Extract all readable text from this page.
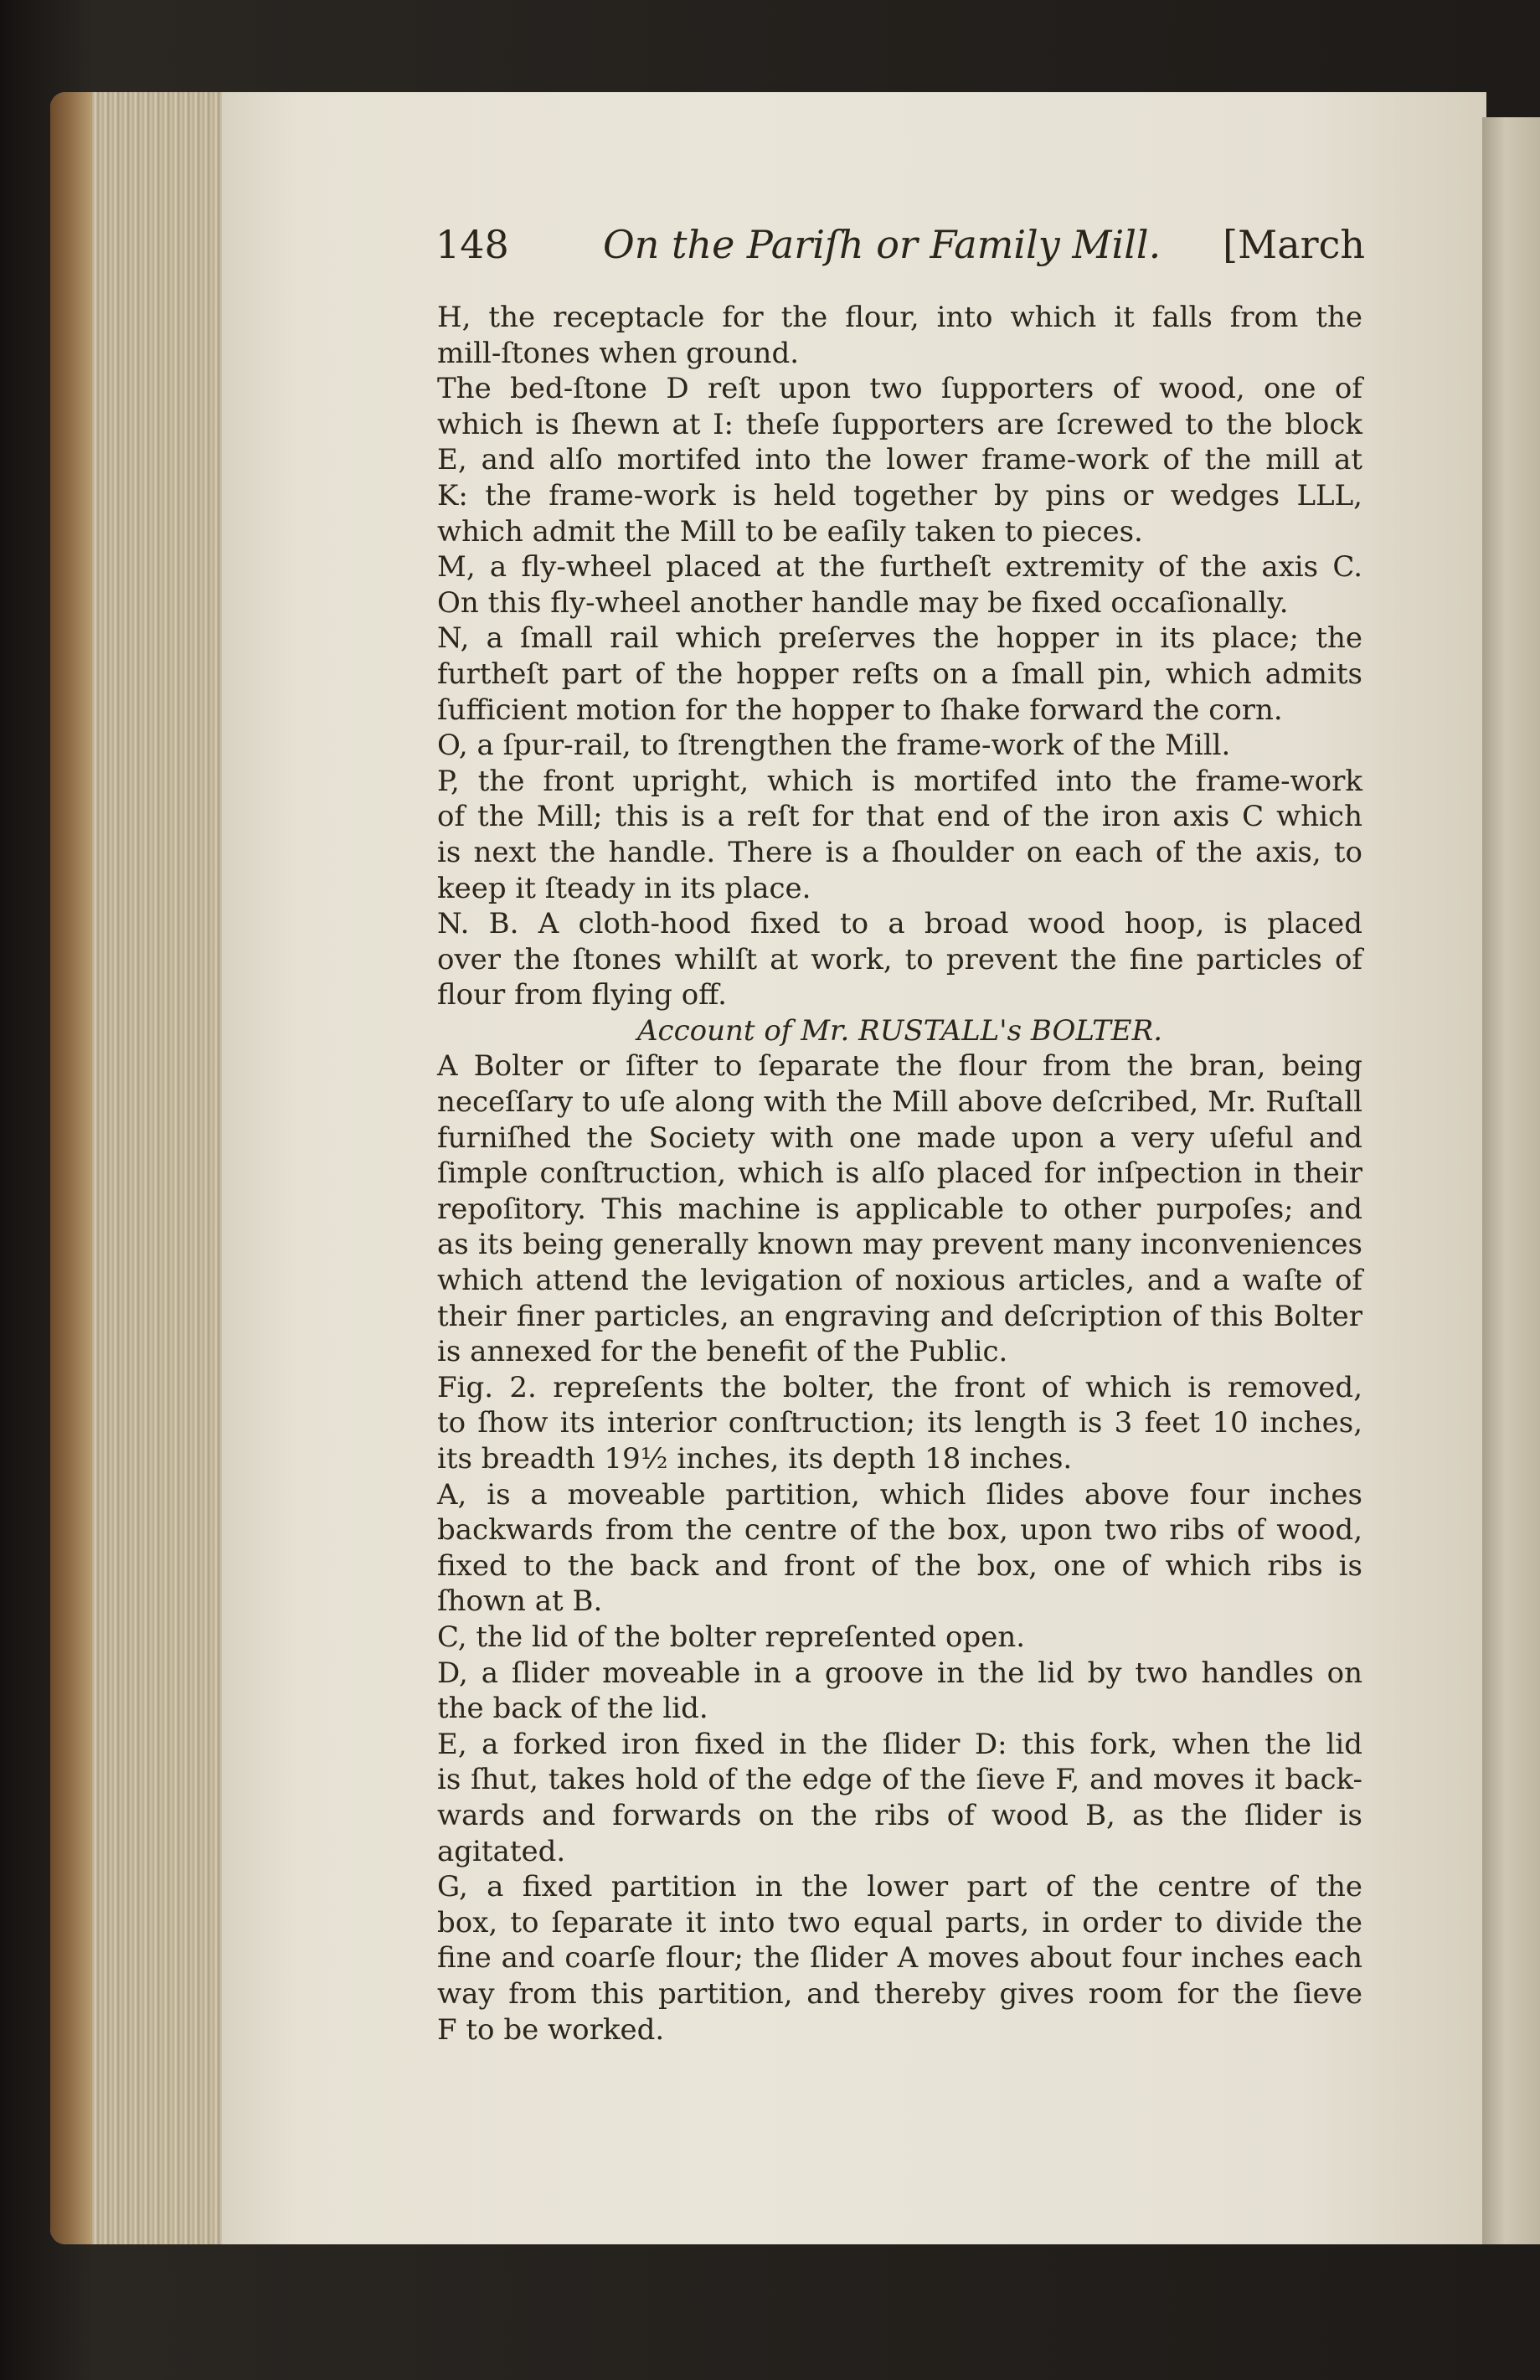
148 On the Pariſh or Family Mill. [March
H, the receptacle for the flour, into which it falls from the
mill-ſtones when ground.
The bed-ſtone D reſt upon two ſupporters of wood, one of
which is ſhewn at I: theſe ſupporters are ſcrewed to the block
E, and alſo mortifed into the lower frame-work of the mill at
K: the frame-work is held together by pins or wedges LLL,
which admit the Mill to be eaſily taken to pieces.
M, a fly-wheel placed at the furtheſt extremity of the axis C.
On this fly-wheel another handle may be fixed occaſionally.
N, a ſmall rail which preſerves the hopper in its place; the
furtheſt part of the hopper reſts on a ſmall pin, which admits
ſufficient motion for the hopper to ſhake forward the corn.
O, a ſpur-rail, to ſtrengthen the frame-work of the Mill.
P, the front upright, which is mortifed into the frame-work
of the Mill; this is a reſt for that end of the iron axis C which
is next the handle. There is a ſhoulder on each of the axis, to
keep it ſteady in its place.
N. B. A cloth-hood fixed to a broad wood hoop, is placed
over the ſtones whilſt at work, to prevent the fine particles of
flour from flying off.
Account of Mr. RUSTALL's BOLTER.
A Bolter or ſifter to ſeparate the flour from the bran, being
neceſſary to uſe along with the Mill above deſcribed, Mr. Ruſtall
furniſhed the Society with one made upon a very uſeful and
ſimple conſtruction, which is alſo placed for inſpection in their
repoſitory. This machine is applicable to other purpoſes; and
as its being generally known may prevent many inconveniences
which attend the levigation of noxious articles, and a waſte of
their finer particles, an engraving and deſcription of this Bolter
is annexed for the benefit of the Public.
Fig. 2. repreſents the bolter, the front of which is removed,
to ſhow its interior conſtruction; its length is 3 feet 10 inches,
its breadth 19½ inches, its depth 18 inches.
A, is a moveable partition, which ſlides above four inches
backwards from the centre of the box, upon two ribs of wood,
fixed to the back and front of the box, one of which ribs is
ſhown at B.
C, the lid of the bolter repreſented open.
D, a ſlider moveable in a groove in the lid by two handles on
the back of the lid.
E, a forked iron fixed in the ſlider D: this fork, when the lid
is ſhut, takes hold of the edge of the ſieve F, and moves it back-
wards and forwards on the ribs of wood B, as the ſlider is
agitated.
G, a fixed partition in the lower part of the centre of the
box, to ſeparate it into two equal parts, in order to divide the
fine and coarſe flour; the ſlider A moves about four inches each
way from this partition, and thereby gives room for the ſieve
F to be worked.
